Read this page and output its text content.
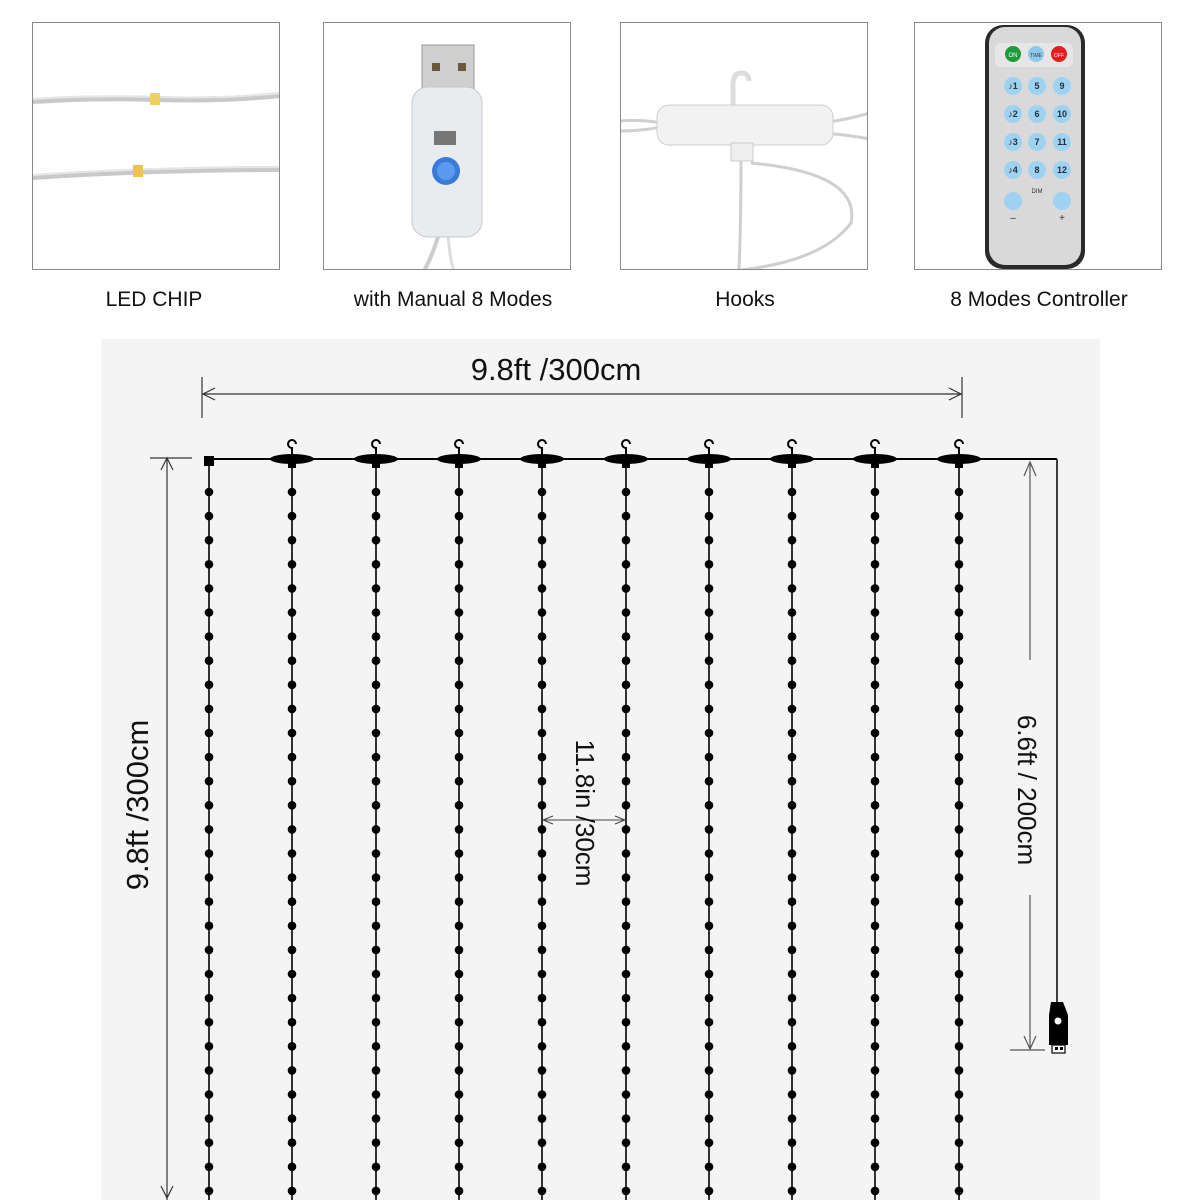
LED CHIP	with Manual 8 Modes	Hooks
ON	TIME OFF
♪1
♪2
♪3
♪4
5
6
7
8
9
10
11
12
DIM
–	+
8 Modes Controller
9.8ft /300cm
9.8ft /300cm	11.8in /30cm	6.6ft / 200cm
